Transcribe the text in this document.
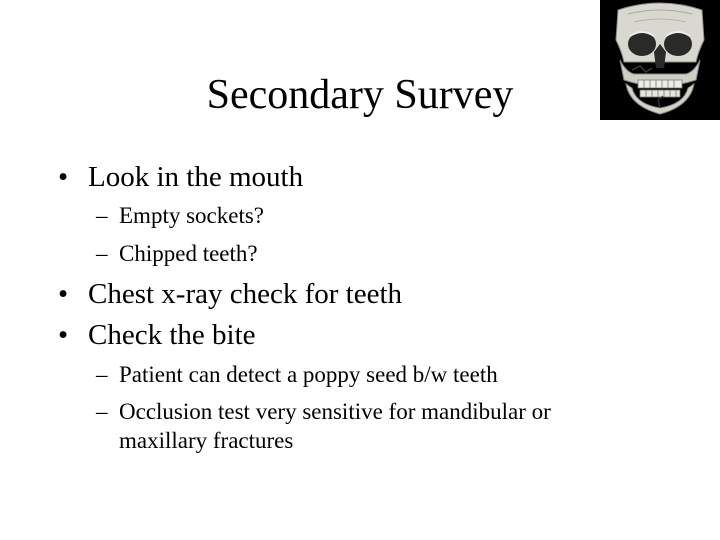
Secondary Survey
• Look in the mouth
– Empty sockets?
– Chipped teeth?
• Chest x-ray check for teeth
• Check the bite
– Patient can detect a poppy seed b/w teeth
– Occlusion test very sensitive for mandibular or
maxillary fractures
